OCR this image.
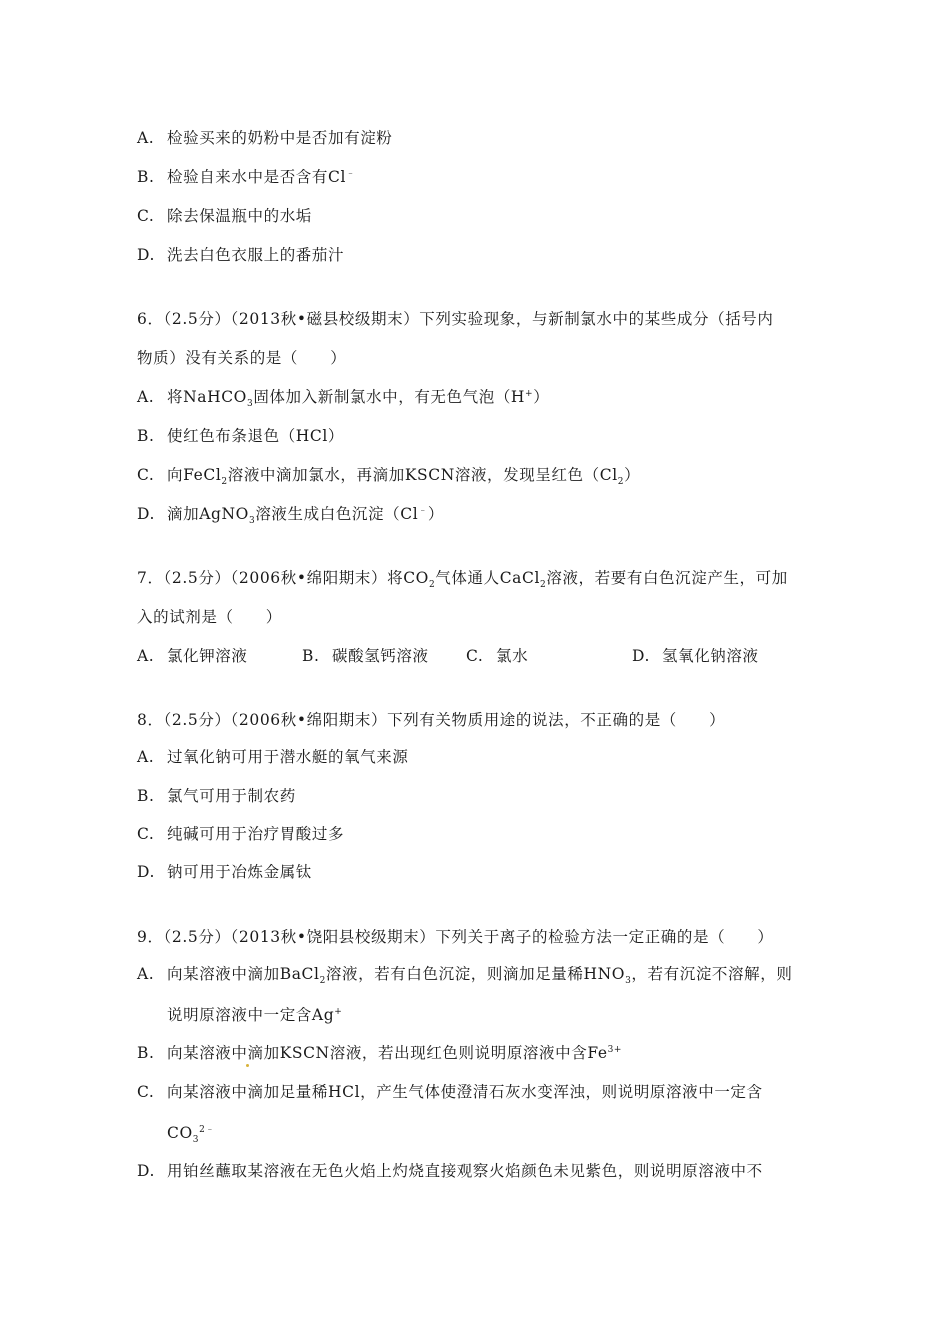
A. 检验买来的奶粉中是否加有淀粉
B. 检验自来水中是否含有Cl﹣
C. 除去保温瓶中的水垢
D. 洗去白色衣服上的番茄汁
6．（2.5分）（2013秋•磁县校级期末）下列实验现象，与新制氯水中的某些成分（括号内
物质）没有关系的是（　　）
A. 将NaHCO$_3$固体加入新制氯水中，有无色气泡（H+）
B. 使红色布条退色（HCl）
C. 向FeCl$_2$溶液中滴加氯水，再滴加KSCN溶液，发现呈红色$(Cl_2)$
D. 滴加AgNO$_3$溶液生成白色沉淀（Cl﹣）
7．（2.5分）（2006秋•绵阳期末）将$CO_2$气体通人CaCl$_2$溶液，若要有白色沉淀产生，可加
入的试剂是（　　）
A. 氯化钾溶液	B. 碳酸氢钙溶液 C. 氯水	D. 氢氧化钠溶液
8．（2.5分）（2006秋•绵阳期末）下列有关物质用途的说法，不正确的是（　　）
A. 过氧化钠可用于潜水艇的氧气来源
B. 氯气可用于制农药
C. 纯碱可用于治疗胃酸过多
D. 钠可用于冶炼金属钛
9．（2.5分）（2013秋•饶阳县校级期末）下列关于离子的检验方法一定正确的是（　　）
A. 向某溶液中滴加BaCl$_2$溶液，若有白色沉淀，则滴加足量稀$HNO_3$，若有沉淀不溶解，则
说明原溶液中一定含Ag+
B. 向某溶液中滴加KSCN溶液，若出现红色则说明原溶液中含$Fe^{3+}$
C. 向某溶液中滴加足量稀HCl，产生气体使澄清石灰水变浑浊，则说明原溶液中一定含
$CO_3^{2﹣}$
D. 用铂丝蘸取某溶液在无色火焰上灼烧直接观察火焰颜色未见紫色，则说明原溶液中不
